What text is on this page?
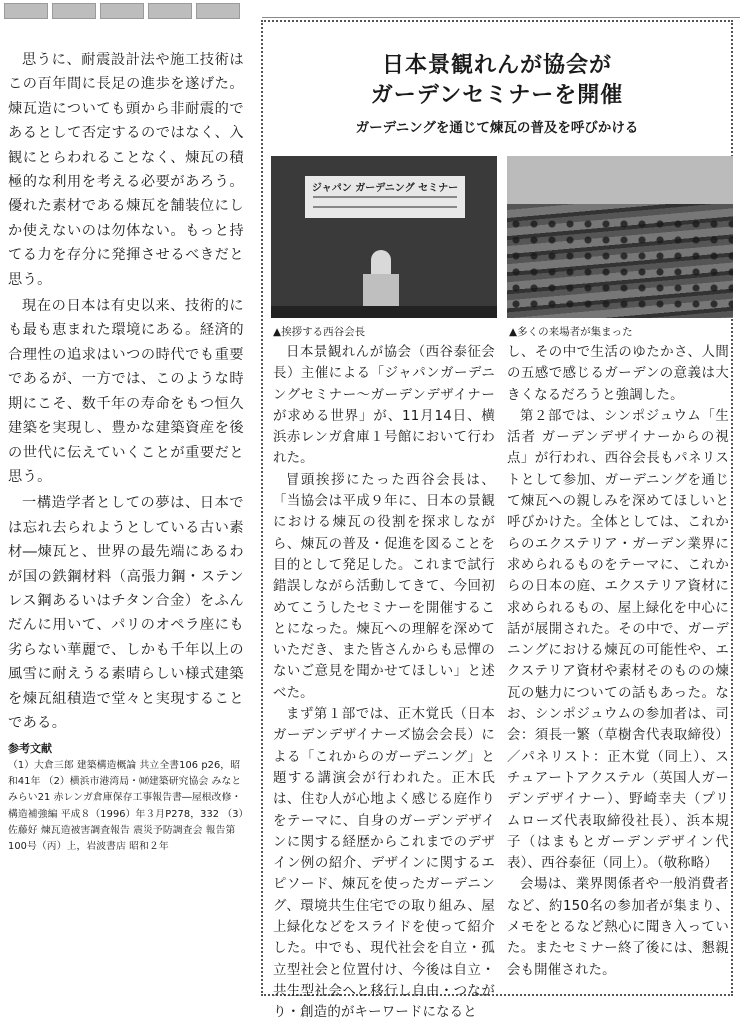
思うに、耐震設計法や施工技術はこの百年間に長足の進歩を遂げた。煉瓦造についても頭から非耐震的であるとして否定するのではなく、入観にとらわれることなく、煉瓦の積極的な利用を考える必要があろう。優れた素材である煉瓦を舗装位にしか使えないのは勿体ない。もっと持てる力を存分に発揮させるべきだと思う。

現在の日本は有史以来、技術的にも最も恵まれた環境にある。経済的合理性の追求はいつの時代でも重要であるが、一方では、このような時期にこそ、数千年の寿命をもつ恒久建築を実現し、豊かな建築資産を後の世代に伝えていくことが重要だと思う。

一構造学者としての夢は、日本では忘れ去られようとしている古い素材―煉瓦と、世界の最先端にあるわが国の鉄鋼材料（高張力鋼・ステンレス鋼あるいはチタン合金）をふんだんに用いて、パリのオペラ座にも劣らない華麗で、しかも千年以上の風雪に耐えうる素晴らしい様式建築を煉瓦組積造で堂々と実現することである。

参考文献
（1）大倉三郎 建築構造概論 共立全書106 p26，昭和41年 （2）横浜市港湾局・㈶建築研究協会 みなとみらい21 赤レンガ倉庫保存工事報告書―屋根改修・構造補強編 平成８（1996）年３月P278，332 （3）佐藤好 煉瓦造被害調査報告 震災予防調査会 報告第100号（丙）上，岩波書店 昭和２年
日本景観れんが協会が
ガーデンセミナーを開催
ガーデニングを通じて煉瓦の普及を呼びかける
ジャパン ガーデニング セミナー
▲挨拶する西谷会長	▲多くの来場者が集まった

日本景観れんが協会（西谷泰征会長）主催による「ジャパンガーデニングセミナー～ガーデンデザイナーが求める世界」が、11月14日、横浜赤レンガ倉庫１号館において行われた。

冒頭挨拶にたった西谷会長は、「当協会は平成９年に、日本の景観における煉瓦の役割を探求しながら、煉瓦の普及・促進を図ることを目的として発足した。これまで試行錯誤しながら活動してきて、今回初めてこうしたセミナーを開催することになった。煉瓦への理解を深めていただき、また皆さんからも忌憚のないご意見を聞かせてほしい」と述べた。

まず第１部では、正木覚氏（日本ガーデンデザイナーズ協会会長）による「これからのガーデニング」と題する講演会が行われた。正木氏は、住む人が心地よく感じる庭作りをテーマに、自身のガーデンデザインに関する経歴からこれまでのデザイン例の紹介、デザインに関するエピソード、煉瓦を使ったガーデニング、環境共生住宅での取り組み、屋上緑化などをスライドを使って紹介した。中でも、現代社会を自立・孤立型社会と位置付け、今後は自立・共生型社会へと移行し自由・つながり・創造的がキーワードになると

し、その中で生活のゆたかさ、人間の五感で感じるガーデンの意義は大きくなるだろうと強調した。

第２部では、シンポジュウム「生活者 ガーデンデザイナーからの視点」が行われ、西谷会長もパネリストとして参加、ガーデニングを通じて煉瓦への親しみを深めてほしいと呼びかけた。全体としては、これからのエクステリア・ガーデン業界に求められるものをテーマに、これからの日本の庭、エクステリア資材に求められるもの、屋上緑化を中心に話が展開された。その中で、ガーデニングにおける煉瓦の可能性や、エクステリア資材や素材そのものの煉瓦の魅力についての話もあった。なお、シンポジュウムの参加者は、司会：須長一繁（草樹舎代表取締役）／パネリスト：正木覚（同上）、スチュアートアクステル（英国人ガーデンデザイナー）、野崎幸夫（プリムローズ代表取締役社長）、浜本規子（はまもとガーデンデザイン代表）、西谷泰征（同上）。（敬称略）

会場は、業界関係者や一般消費者など、約150名の参加者が集まり、メモをとるなど熱心に聞き入っていた。またセミナー終了後には、懇親会も開催された。
